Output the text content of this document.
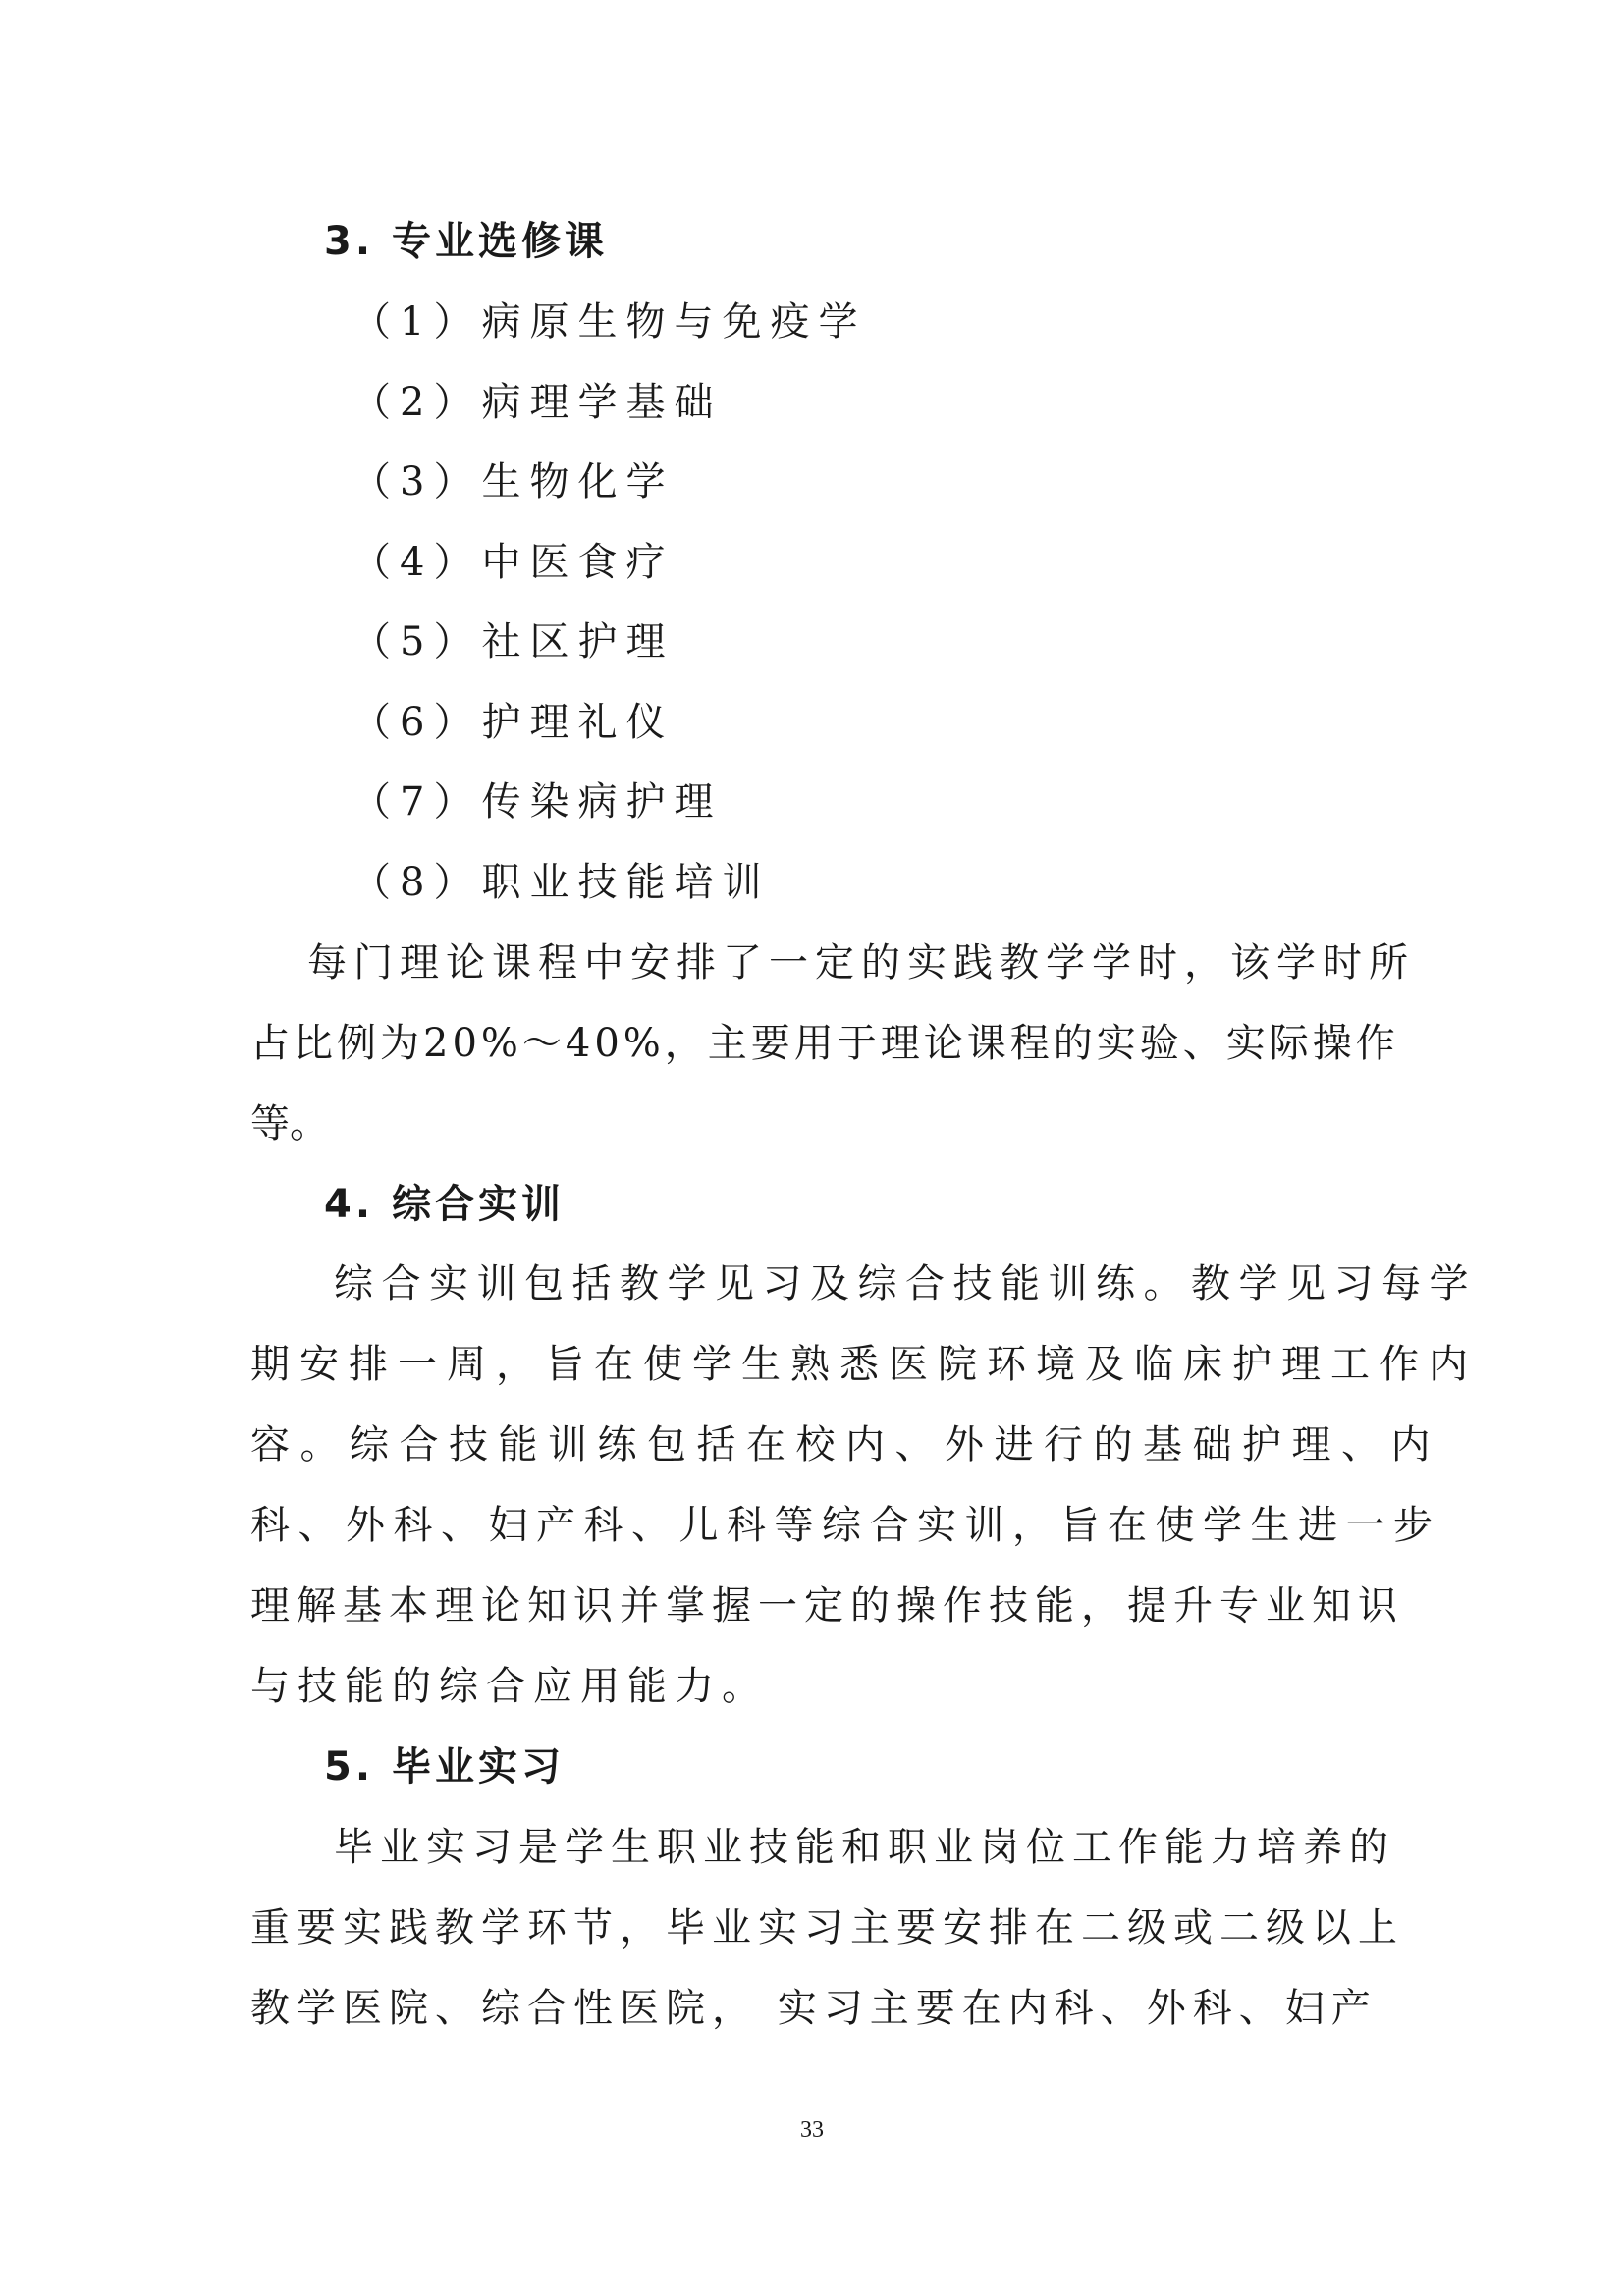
3. 专业选修课
（1）病原生物与免疫学
（2）病理学基础
（3）生物化学
（4）中医食疗
（5）社区护理
（6）护理礼仪
（7）传染病护理
（8）职业技能培训
每门理论课程中安排了一定的实践教学学时，该学时所
占比例为20%～40%，主要用于理论课程的实验、实际操作
等。
4. 综合实训
综合实训包括教学见习及综合技能训练。教学见习每学
期安排一周，旨在使学生熟悉医院环境及临床护理工作内
容。综合技能训练包括在校内、外进行的基础护理、内
科、外科、妇产科、儿科等综合实训，旨在使学生进一步
理解基本理论知识并掌握一定的操作技能，提升专业知识
与技能的综合应用能力。
5. 毕业实习
毕业实习是学生职业技能和职业岗位工作能力培养的
重要实践教学环节，毕业实习主要安排在二级或二级以上
教学医院、综合性医院， 实习主要在内科、外科、妇产
33
